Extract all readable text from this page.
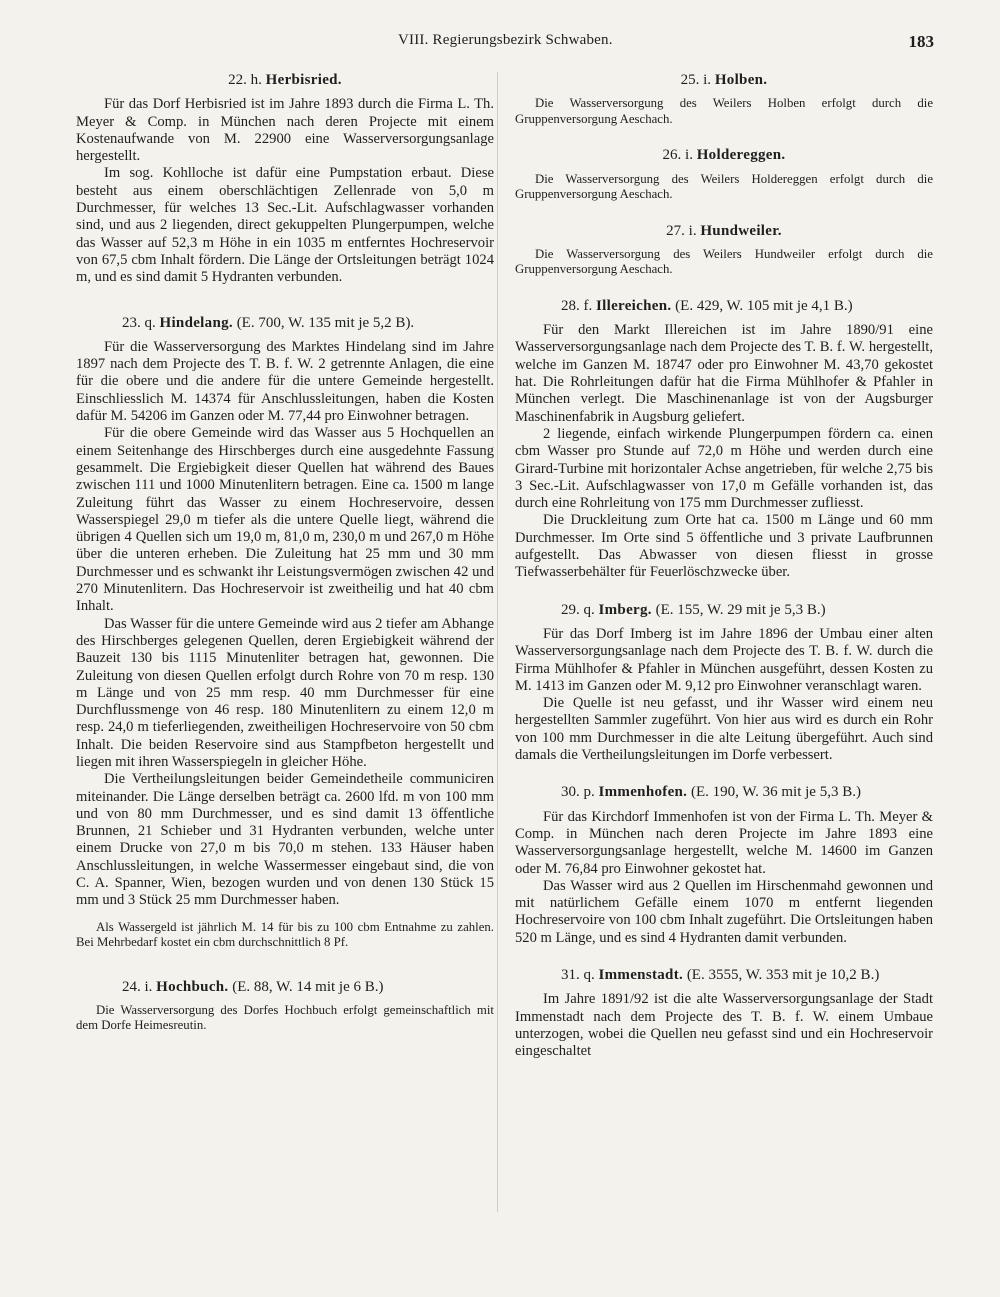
VIII. Regierungsbezirk Schwaben.	183
22. h. Herbisried.

Für das Dorf Herbisried ist im Jahre 1893 durch die Firma L. Th. Meyer & Comp. in München nach deren Projecte mit einem Kostenaufwande von M. 22900 eine Wasserversorgungsanlage hergestellt.

Im sog. Kohlloche ist dafür eine Pumpstation erbaut. Diese besteht aus einem oberschlächtigen Zellenrade von 5,0 m Durchmesser, für welches 13 Sec.-Lit. Aufschlagwasser vorhanden sind, und aus 2 liegenden, direct gekuppelten Plungerpumpen, welche das Wasser auf 52,3 m Höhe in ein 1035 m entferntes Hochreservoir von 67,5 cbm Inhalt fördern. Die Länge der Ortsleitungen beträgt 1024 m, und es sind damit 5 Hydranten verbunden.

23. q. Hindelang. (E. 700, W. 135 mit je 5,2 B).

Für die Wasserversorgung des Marktes Hindelang sind im Jahre 1897 nach dem Projecte des T. B. f. W. 2 getrennte Anlagen, die eine für die obere und die andere für die untere Gemeinde hergestellt. Einschliesslich M. 14374 für Anschlussleitungen, haben die Kosten dafür M. 54206 im Ganzen oder M. 77,44 pro Einwohner betragen.

Für die obere Gemeinde wird das Wasser aus 5 Hochquellen an einem Seitenhange des Hirschberges durch eine ausgedehnte Fassung gesammelt. Die Ergiebigkeit dieser Quellen hat während des Baues zwischen 111 und 1000 Minutenlitern betragen. Eine ca. 1500 m lange Zuleitung führt das Wasser zu einem Hochreservoire, dessen Wasserspiegel 29,0 m tiefer als die untere Quelle liegt, während die übrigen 4 Quellen sich um 19,0 m, 81,0 m, 230,0 m und 267,0 m Höhe über die unteren erheben. Die Zuleitung hat 25 mm und 30 mm Durchmesser und es schwankt ihr Leistungsvermögen zwischen 42 und 270 Minutenlitern. Das Hochreservoir ist zweitheilig und hat 40 cbm Inhalt.

Das Wasser für die untere Gemeinde wird aus 2 tiefer am Abhange des Hirschberges gelegenen Quellen, deren Ergiebigkeit während der Bauzeit 130 bis 1115 Minutenliter betragen hat, gewonnen. Die Zuleitung von diesen Quellen erfolgt durch Rohre von 70 m resp. 130 m Länge und von 25 mm resp. 40 mm Durchmesser für eine Durchflussmenge von 46 resp. 180 Minutenlitern zu einem 12,0 m resp. 24,0 m tieferliegenden, zweitheiligen Hochreservoire von 50 cbm Inhalt. Die beiden Reservoire sind aus Stampfbeton hergestellt und liegen mit ihren Wasserspiegeln in gleicher Höhe.

Die Vertheilungsleitungen beider Gemeindetheile communiciren miteinander. Die Länge derselben beträgt ca. 2600 lfd. m von 100 mm und von 80 mm Durchmesser, und es sind damit 13 öffentliche Brunnen, 21 Schieber und 31 Hydranten verbunden, welche unter einem Drucke von 27,0 m bis 70,0 m stehen. 133 Häuser haben Anschlussleitungen, in welche Wassermesser eingebaut sind, die von C. A. Spanner, Wien, bezogen wurden und von denen 130 Stück 15 mm und 3 Stück 25 mm Durchmesser haben.

Als Wassergeld ist jährlich M. 14 für bis zu 100 cbm Entnahme zu zahlen. Bei Mehrbedarf kostet ein cbm durchschnittlich 8 Pf.

24. i. Hochbuch. (E. 88, W. 14 mit je 6 B.)

Die Wasserversorgung des Dorfes Hochbuch erfolgt gemeinschaftlich mit dem Dorfe Heimesreutin.

25. i. Holben.

Die Wasserversorgung des Weilers Holben erfolgt durch die Gruppenversorgung Aeschach.

26. i. Holdereggen.

Die Wasserversorgung des Weilers Holdereggen erfolgt durch die Gruppenversorgung Aeschach.

27. i. Hundweiler.

Die Wasserversorgung des Weilers Hundweiler erfolgt durch die Gruppenversorgung Aeschach.

28. f. Illereichen. (E. 429, W. 105 mit je 4,1 B.)

Für den Markt Illereichen ist im Jahre 1890/91 eine Wasserversorgungsanlage nach dem Projecte des T. B. f. W. hergestellt, welche im Ganzen M. 18747 oder pro Einwohner M. 43,70 gekostet hat. Die Rohrleitungen dafür hat die Firma Mühlhofer & Pfahler in München verlegt. Die Maschinenanlage ist von der Augsburger Maschinenfabrik in Augsburg geliefert.

2 liegende, einfach wirkende Plungerpumpen fördern ca. einen cbm Wasser pro Stunde auf 72,0 m Höhe und werden durch eine Girard-Turbine mit horizontaler Achse angetrieben, für welche 2,75 bis 3 Sec.-Lit. Aufschlagwasser von 17,0 m Gefälle vorhanden ist, das durch eine Rohrleitung von 175 mm Durchmesser zufliesst.

Die Druckleitung zum Orte hat ca. 1500 m Länge und 60 mm Durchmesser. Im Orte sind 5 öffentliche und 3 private Laufbrunnen aufgestellt. Das Abwasser von diesen fliesst in grosse Tiefwasserbehälter für Feuerlöschzwecke über.

29. q. Imberg. (E. 155, W. 29 mit je 5,3 B.)

Für das Dorf Imberg ist im Jahre 1896 der Umbau einer alten Wasserversorgungsanlage nach dem Projecte des T. B. f. W. durch die Firma Mühlhofer & Pfahler in München ausgeführt, dessen Kosten zu M. 1413 im Ganzen oder M. 9,12 pro Einwohner veranschlagt waren.

Die Quelle ist neu gefasst, und ihr Wasser wird einem neu hergestellten Sammler zugeführt. Von hier aus wird es durch ein Rohr von 100 mm Durchmesser in die alte Leitung übergeführt. Auch sind damals die Vertheilungsleitungen im Dorfe verbessert.

30. p. Immenhofen. (E. 190, W. 36 mit je 5,3 B.)

Für das Kirchdorf Immenhofen ist von der Firma L. Th. Meyer & Comp. in München nach deren Projecte im Jahre 1893 eine Wasserversorgungsanlage hergestellt, welche M. 14600 im Ganzen oder M. 76,84 pro Einwohner gekostet hat.

Das Wasser wird aus 2 Quellen im Hirschenmahd gewonnen und mit natürlichem Gefälle einem 1070 m entfernt liegenden Hochreservoire von 100 cbm Inhalt zugeführt. Die Ortsleitungen haben 520 m Länge, und es sind 4 Hydranten damit verbunden.

31. q. Immenstadt. (E. 3555, W. 353 mit je 10,2 B.)

Im Jahre 1891/92 ist die alte Wasserversorgungsanlage der Stadt Immenstadt nach dem Projecte des T. B. f. W. einem Umbaue unterzogen, wobei die Quellen neu gefasst sind und ein Hochreservoir eingeschaltet
